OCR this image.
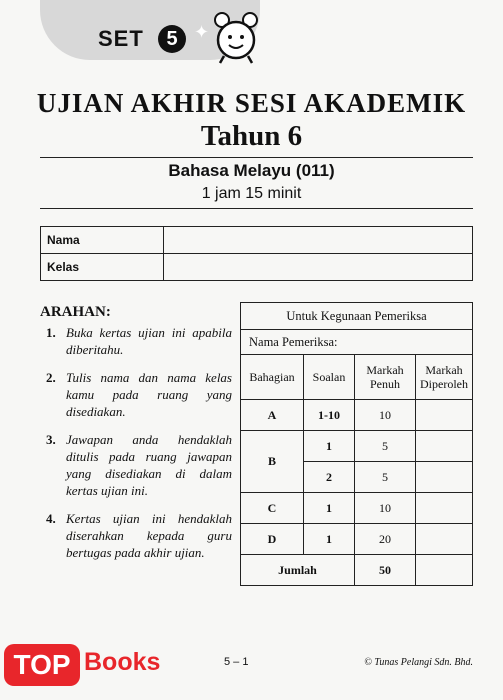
SET	5 ✦
UJIAN AKHIR SESI AKADEMIK
Tahun 6
Bahasa Melayu (011)
1 jam 15 minit
Nama	
Kelas	
ARAHAN:
1. Buka kertas ujian ini apabila diberitahu.
2. Tulis nama dan nama kelas kamu pada ruang yang disediakan.
3. Jawapan anda hendaklah ditulis pada ruang jawapan yang disediakan di dalam kertas ujian ini.
4. Kertas ujian ini hendaklah diserahkan kepada guru bertugas pada akhir ujian.
Untuk Kegunaan Pemeriksa			
Nama Pemeriksa:			
Bahagian	Soalan	Markah Penuh	Markah Diperoleh
A	1-10	10	
B	1	5	
	2	5	
C	1	10	
D	1	20	
Jumlah		50	
TOP Books	5 – 1	© Tunas Pelangi Sdn. Bhd.
